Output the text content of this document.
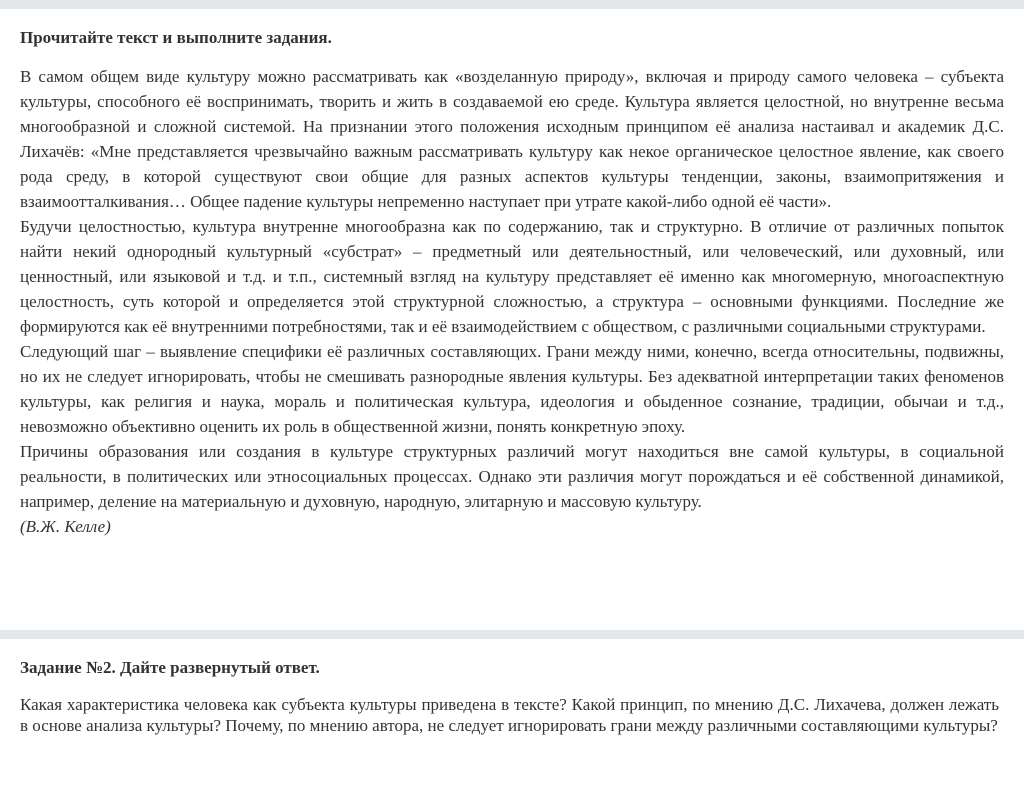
Прочитайте текст и выполните задания.

В самом общем виде культуру можно рассматривать как «возделанную природу», включая и природу самого человека – субъекта культуры, способного её воспринимать, творить и жить в создаваемой ею среде. Культура является целостной, но внутренне весьма многообразной и сложной системой. На признании этого положения исходным принципом её анализа настаивал и академик Д.С. Лихачёв: «Мне представляется чрезвычайно важным рассматривать культуру как некое органическое целостное явление, как своего рода среду, в которой существуют свои общие для разных аспектов культуры тенденции, законы, взаимопритяжения и взаимоотталкивания… Общее падение культуры непременно наступает при утрате какой-либо одной её части».

Будучи целостностью, культура внутренне многообразна как по содержанию, так и структурно. В отличие от различных попыток найти некий однородный культурный «субстрат» – предметный или деятельностный, или человеческий, или духовный, или ценностный, или языковой и т.д. и т.п., системный взгляд на культуру представляет её именно как многомерную, многоаспектную целостность, суть которой и определяется этой структурной сложностью, а структура – основными функциями. Последние же формируются как её внутренними потребностями, так и её взаимодействием с обществом, с различными социальными структурами.

Следующий шаг – выявление специфики её различных составляющих. Грани между ними, конечно, всегда относительны, подвижны, но их не следует игнорировать, чтобы не смешивать разнородные явления культуры. Без адекватной интерпретации таких феноменов культуры, как религия и наука, мораль и политическая культура, идеология и обыденное сознание, традиции, обычаи и т.д., невозможно объективно оценить их роль в общественной жизни, понять конкретную эпоху.

Причины образования или создания в культуре структурных различий могут находиться вне самой культуры, в социальной реальности, в политических или этносоциальных процессах. Однако эти различия могут порождаться и её собственной динамикой, например, деление на материальную и духовную, народную, элитарную и массовую культуру.

(В.Ж. Келле)

Задание №2. Дайте развернутый ответ.

Какая характеристика человека как субъекта культуры приведена в тексте? Какой принцип, по мнению Д.С. Лихачева, должен лежать в основе анализа культуры? Почему, по мнению автора, не следует игнорировать грани между различными составляющими культуры?
